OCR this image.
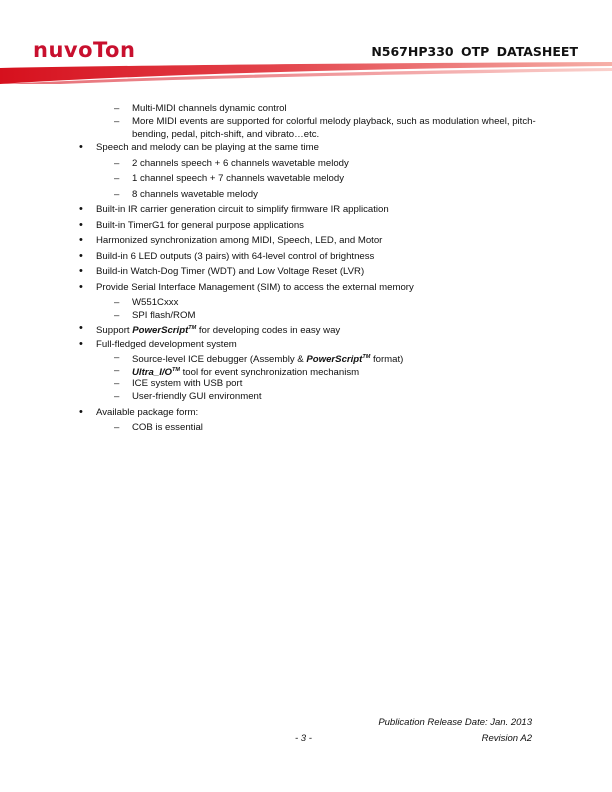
nuvoTon	N567HP330 OTP DATASHEET
– Multi-MIDI channels dynamic control
– More MIDI events are supported for colorful melody playback, such as modulation wheel, pitch-bending, pedal, pitch-shift, and vibrato…etc.
• Speech and melody can be playing at the same time
– 2 channels speech + 6 channels wavetable melody
– 1 channel speech + 7 channels wavetable melody
– 8 channels wavetable melody
• Built-in IR carrier generation circuit to simplify firmware IR application
• Built-in TimerG1 for general purpose applications
• Harmonized synchronization among MIDI, Speech, LED, and Motor
• Build-in 6 LED outputs (3 pairs) with 64-level control of brightness
• Build-in Watch-Dog Timer (WDT) and Low Voltage Reset (LVR)
• Provide Serial Interface Management (SIM) to access the external memory
– W551Cxxx
– SPI flash/ROM
• Support PowerScript™ for developing codes in easy way
• Full-fledged development system
– Source-level ICE debugger (Assembly & PowerScript™ format)
– Ultra_I/O™ tool for event synchronization mechanism
– ICE system with USB port
– User-friendly GUI environment
• Available package form:
– COB is essential
Publication Release Date: Jan. 2013
- 3 -	Revision A2
